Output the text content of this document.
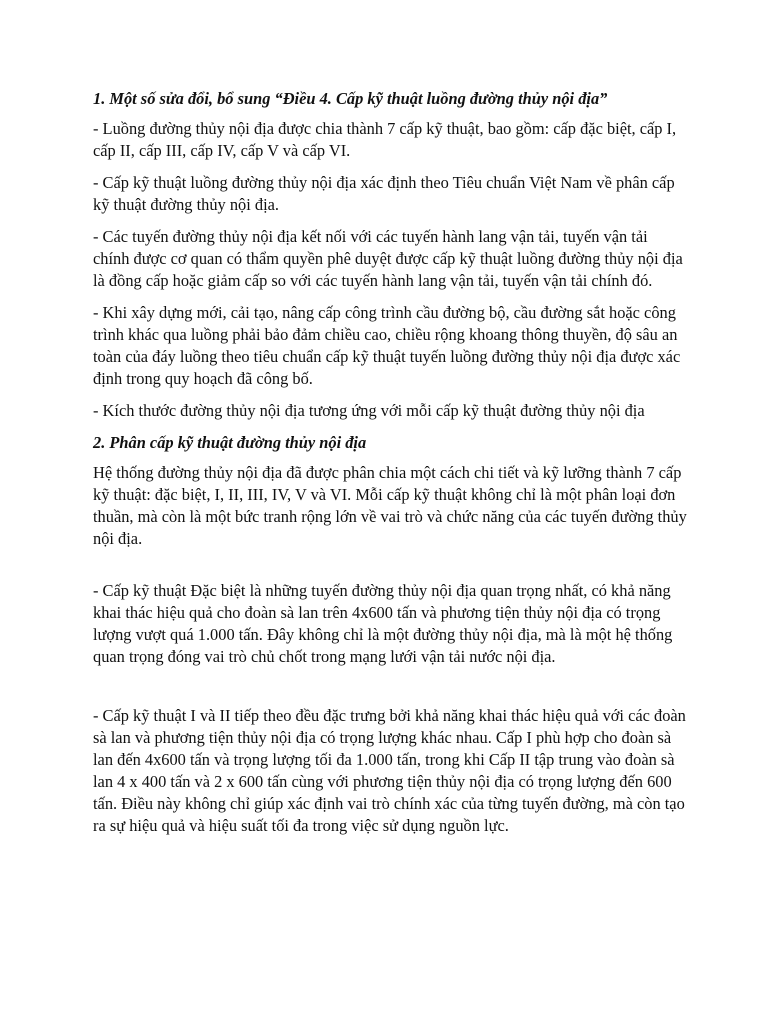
1. Một số sửa đổi, bổ sung “Điều 4. Cấp kỹ thuật luồng đường thủy nội địa”

- Luồng đường thủy nội địa được chia thành 7 cấp kỹ thuật, bao gồm: cấp đặc biệt, cấp I, cấp II, cấp III, cấp IV, cấp V và cấp VI.

- Cấp kỹ thuật luồng đường thủy nội địa xác định theo Tiêu chuẩn Việt Nam về phân cấp kỹ thuật đường thủy nội địa.

- Các tuyến đường thủy nội địa kết nối với các tuyến hành lang vận tải, tuyến vận tải chính được cơ quan có thẩm quyền phê duyệt được cấp kỹ thuật luồng đường thủy nội địa là đồng cấp hoặc giảm cấp so với các tuyến hành lang vận tải, tuyến vận tải chính đó.

- Khi xây dựng mới, cải tạo, nâng cấp công trình cầu đường bộ, cầu đường sắt hoặc công trình khác qua luồng phải bảo đảm chiều cao, chiều rộng khoang thông thuyền, độ sâu an toàn của đáy luồng theo tiêu chuẩn cấp kỹ thuật tuyến luồng đường thủy nội địa được xác định trong quy hoạch đã công bố.

- Kích thước đường thủy nội địa tương ứng với mỗi cấp kỹ thuật đường thủy nội địa

2. Phân cấp kỹ thuật đường thủy nội địa

Hệ thống đường thủy nội địa đã được phân chia một cách chi tiết và kỹ lưỡng thành 7 cấp kỹ thuật: đặc biệt, I, II, III, IV, V và VI. Mỗi cấp kỹ thuật không chỉ là một phân loại đơn thuần, mà còn là một bức tranh rộng lớn về vai trò và chức năng của các tuyến đường thủy nội địa.

- Cấp kỹ thuật Đặc biệt là những tuyến đường thủy nội địa quan trọng nhất, có khả năng khai thác hiệu quả cho đoàn sà lan trên 4x600 tấn và phương tiện thủy nội địa có trọng lượng vượt quá 1.000 tấn. Đây không chỉ là một đường thủy nội địa, mà là một hệ thống quan trọng đóng vai trò chủ chốt trong mạng lưới vận tải nước nội địa.

- Cấp kỹ thuật I và II tiếp theo đều đặc trưng bởi khả năng khai thác hiệu quả với các đoàn sà lan và phương tiện thủy nội địa có trọng lượng khác nhau. Cấp I phù hợp cho đoàn sà lan đến 4x600 tấn và trọng lượng tối đa 1.000 tấn, trong khi Cấp II tập trung vào đoàn sà lan 4 x 400 tấn và 2 x 600 tấn cùng với phương tiện thủy nội địa có trọng lượng đến 600 tấn. Điều này không chỉ giúp xác định vai trò chính xác của từng tuyến đường, mà còn tạo ra sự hiệu quả và hiệu suất tối đa trong việc sử dụng nguồn lực.
